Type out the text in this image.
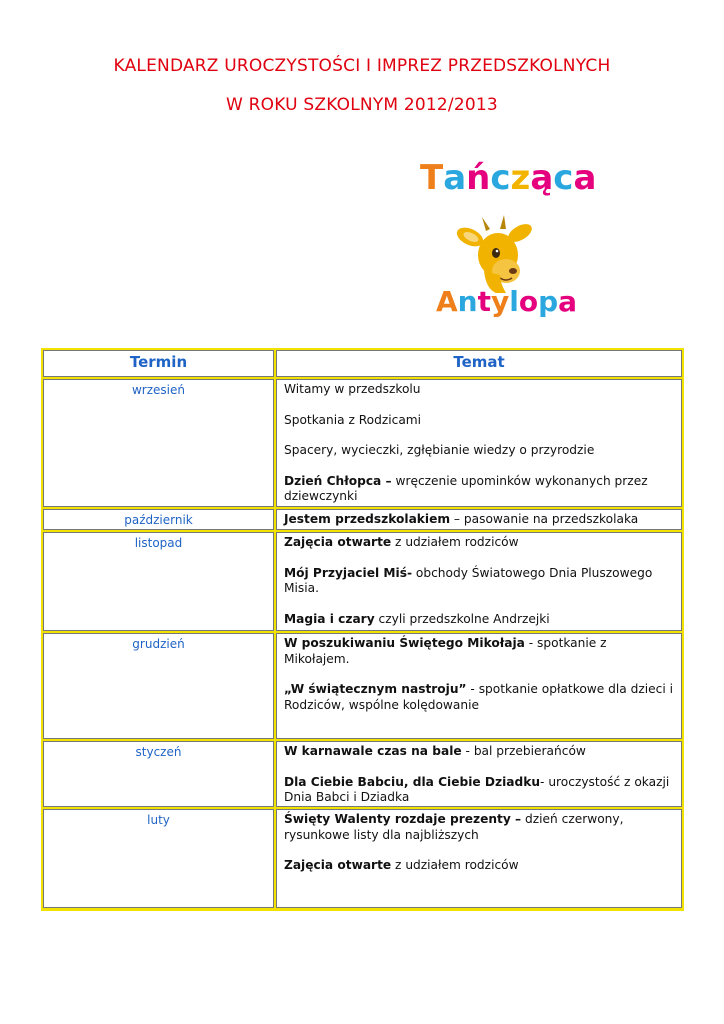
KALENDARZ UROCZYSTOŚCI I IMPREZ PRZEDSZKOLNYCH
W ROKU SZKOLNYM 2012/2013
Tańcząca
Antylopa
Termin	Temat
wrzesień	Witamy w przedszkolu

Spotkania z Rodzicami

Spacery, wycieczki, zgłębianie wiedzy o przyrodzie

Dzień Chłopca – wręczenie upominków wykonanych przez dziewczynki

październik	Jestem przedszkolakiem – pasowanie na przedszkolaka

listopad	Zajęcia otwarte z udziałem rodziców

Mój Przyjaciel Miś- obchody Światowego Dnia Pluszowego Misia.

Magia i czary czyli przedszkolne Andrzejki

grudzień	W poszukiwaniu Świętego Mikołaja - spotkanie z Mikołajem.

„W świątecznym nastroju” - spotkanie opłatkowe dla dzieci i Rodziców, wspólne kolędowanie

styczeń	W karnawale czas na bale - bal przebierańców

Dla Ciebie Babciu, dla Ciebie Dziadku- uroczystość z okazji Dnia Babci i Dziadka

luty	Święty Walenty rozdaje prezenty – dzień czerwony, rysunkowe listy dla najbliższych

Zajęcia otwarte z udziałem rodziców
